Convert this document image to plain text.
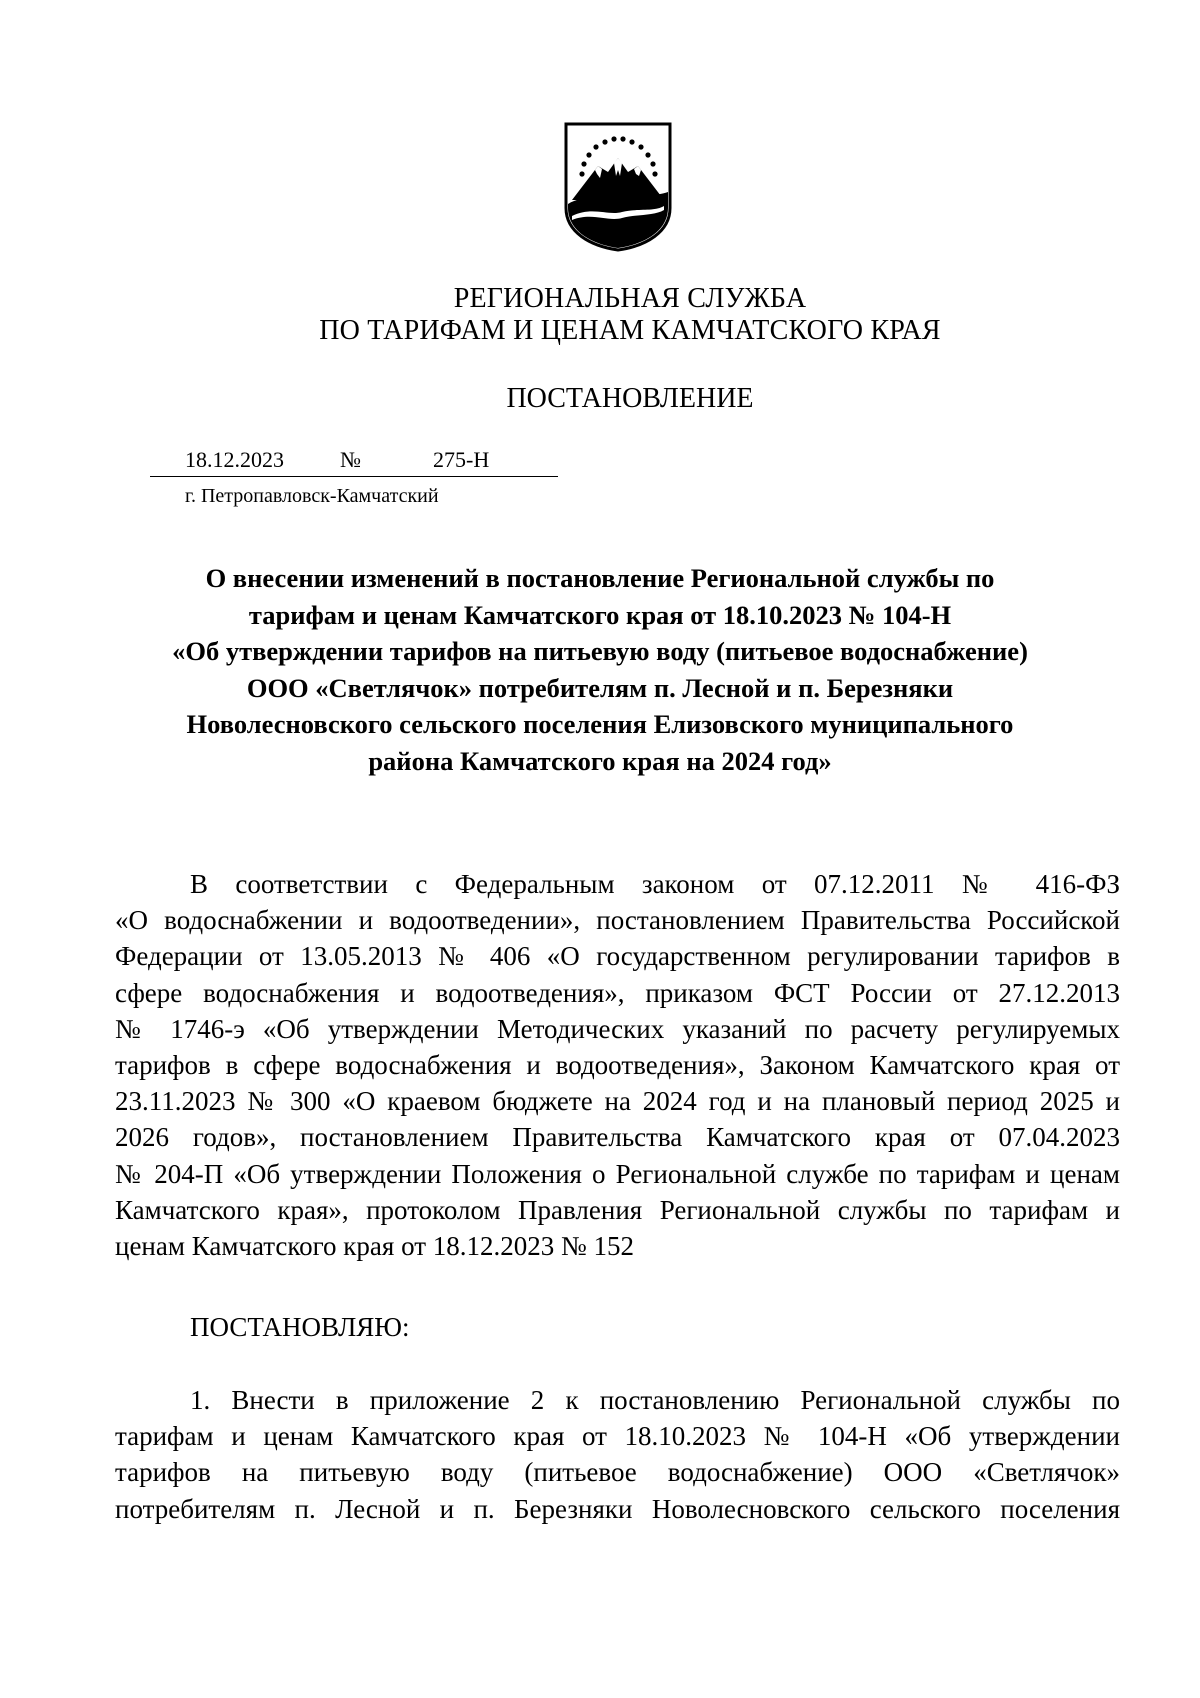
РЕГИОНАЛЬНАЯ СЛУЖБА
ПО ТАРИФАМ И ЦЕНАМ КАМЧАТСКОГО КРАЯ
ПОСТАНОВЛЕНИЕ
18.12.2023	№	275-Н
г. Петропавловск-Камчатский
О внесении изменений в постановление Региональной службы по
тарифам и ценам Камчатского края от 18.10.2023 № 104-Н
«Об утверждении тарифов на питьевую воду (питьевое водоснабжение)
ООО «Светлячок» потребителям п. Лесной и п. Березняки
Новолесновского сельского поселения Елизовского муниципального
района Камчатского края на 2024 год»
В соответствии с Федеральным законом от 07.12.2011 № 416-ФЗ
«О водоснабжении и водоотведении», постановлением Правительства Российской
Федерации от 13.05.2013 № 406 «О государственном регулировании тарифов в
сфере водоснабжения и водоотведения», приказом ФСТ России от 27.12.2013
№ 1746-э «Об утверждении Методических указаний по расчету регулируемых
тарифов в сфере водоснабжения и водоотведения», Законом Камчатского края от
23.11.2023 № 300 «О краевом бюджете на 2024 год и на плановый период 2025 и
2026 годов», постановлением Правительства Камчатского края от 07.04.2023
№ 204-П «Об утверждении Положения о Региональной службе по тарифам и ценам
Камчатского края», протоколом Правления Региональной службы по тарифам и
ценам Камчатского края от 18.12.2023 № 152
ПОСТАНОВЛЯЮ:
1. Внести в приложение 2 к постановлению Региональной службы по
тарифам и ценам Камчатского края от 18.10.2023 № 104-Н «Об утверждении
тарифов на питьевую воду (питьевое водоснабжение) ООО «Светлячок»
потребителям п. Лесной и п. Березняки Новолесновского сельского поселения
